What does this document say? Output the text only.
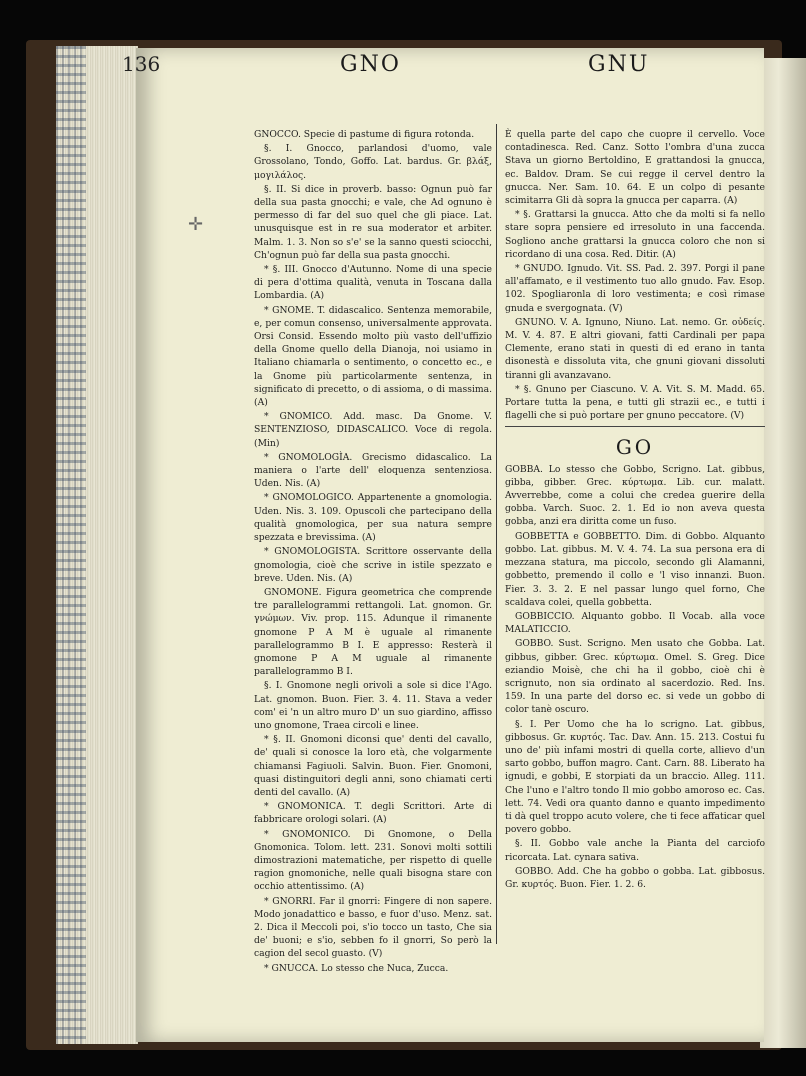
136	GNO	GNU
✛

GNOCCO. Specie di pastume di figura rotonda.

§. I. Gnocco, parlandosi d'uomo, vale Grossolano, Tondo, Goffo. Lat. bardus. Gr. βλάξ, μογιλάλος.

§. II. Si dice in proverb. basso: Ognun può far della sua pasta gnocchi; e vale, che Ad ognuno è permesso di far del suo quel che gli piace. Lat. unusquisque est in re sua moderator et arbiter. Malm. 1. 3. Non so s'e' se la sanno questi sciocchi, Ch'ognun può far della sua pasta gnocchi.

* §. III. Gnocco d'Autunno. Nome di una specie di pera d'ottima qualità, venuta in Toscana dalla Lombardia. (A)

* GNOME. T. didascalico. Sentenza memorabile, e, per comun consenso, universalmente approvata. Orsi Consid. Essendo molto più vasto dell'uffizio della Gnome quello della Dianoja, noi usiamo in Italiano chiamarla o sentimento, o concetto ec., e la Gnome più particolarmente sentenza, in significato di precetto, o di assioma, o di massima. (A)

* GNOMICO. Add. masc. Da Gnome. V. SENTENZIOSO, DIDASCALICO. Voce di regola. (Min)

* GNOMOLOGÌA. Grecismo didascalico. La maniera o l'arte dell' eloquenza sentenziosa. Uden. Nis. (A)

* GNOMOLOGICO. Appartenente a gnomologia. Uden. Nis. 3. 109. Opuscoli che partecipano della qualità gnomologica, per sua natura sempre spezzata e brevissima. (A)

* GNOMOLOGISTA. Scrittore osservante della gnomologia, cioè che scrive in istile spezzato e breve. Uden. Nis. (A)

GNOMONE. Figura geometrica che comprende tre parallelogrammi rettangoli. Lat. gnomon. Gr. γνώμων. Viv. prop. 115. Adunque il rimanente gnomone P A M è uguale al rimanente parallelogrammo B I. E appresso: Resterà il gnomone P A M uguale al rimanente parallelogrammo B I.

§. I. Gnomone negli orivoli a sole si dice l'Ago. Lat. gnomon. Buon. Fier. 3. 4. 11. Stava a veder com' ei 'n un altro muro D' un suo giardino, affisso uno gnomone, Traea circoli e linee.

* §. II. Gnomoni diconsi que' denti del cavallo, de' quali si conosce la loro età, che volgarmente chiamansi Fagiuoli. Salvin. Buon. Fier. Gnomoni, quasi distinguitori degli anni, sono chiamati certi denti del cavallo. (A)

* GNOMONICA. T. degli Scrittori. Arte di fabbricare orologi solari. (A)

* GNOMONICO. Di Gnomone, o Della Gnomonica. Tolom. lett. 231. Sonovi molti sottili dimostrazioni matematiche, per rispetto di quelle ragion gnomoniche, nelle quali bisogna stare con occhio attentissimo. (A)

* GNORRI. Far il gnorri: Fingere di non sapere. Modo jonadattico e basso, e fuor d'uso. Menz. sat. 2. Dica il Meccoli poi, s'io tocco un tasto, Che sia de' buoni; e s'io, sebben fo il gnorri, So però la cagion del secol guasto. (V)

* GNUCCA. Lo stesso che Nuca, Zucca.

È quella parte del capo che cuopre il cervello. Voce contadinesca. Red. Canz. Sotto l'ombra d'una zucca Stava un giorno Bertoldino, E grattandosi la gnucca, ec. Baldov. Dram. Se cui regge il cervel dentro la gnucca. Ner. Sam. 10. 64. E un colpo di pesante scimitarra Gli dà sopra la gnucca per caparra. (A)

* §. Grattarsi la gnucca. Atto che da molti si fa nello stare sopra pensiere ed irresoluto in una faccenda. Sogliono anche grattarsi la gnucca coloro che non si ricordano di una cosa. Red. Ditir. (A)

* GNUDO. Ignudo. Vit. SS. Pad. 2. 397. Porgi il pane all'affamato, e il vestimento tuo allo gnudo. Fav. Esop. 102. Spogliaronla di loro vestimenta; e così rimase gnuda e svergognata. (V)

GNUNO. V. A. Ignuno, Niuno. Lat. nemo. Gr. οὐδείς. M. V. 4. 87. E altri giovani, fatti Cardinali per papa Clemente, erano stati in questi di ed erano in tanta disonestà e dissoluta vita, che gnuni giovani dissoluti tiranni gli avanzavano.

* §. Gnuno per Ciascuno. V. A. Vit. S. M. Madd. 65. Portare tutta la pena, e tutti gli strazii ec., e tutti i flagelli che si può portare per gnuno peccatore. (V)

GO

GOBBA. Lo stesso che Gobbo, Scrigno. Lat. gibbus, gibba, gibber. Grec. κύρτωμα. Lib. cur. malatt. Avverrebbe, come a colui che credea guerire della gobba. Varch. Suoc. 2. 1. Ed io non aveva questa gobba, anzi era diritta come un fuso.

GOBBETTA e GOBBETTO. Dim. di Gobbo. Alquanto gobbo. Lat. gibbus. M. V. 4. 74. La sua persona era di mezzana statura, ma piccolo, secondo gli Alamanni, gobbetto, premendo il collo e 'l viso innanzi. Buon. Fier. 3. 3. 2. E nel passar lungo quel forno, Che scaldava colei, quella gobbetta.

GOBBICCIO. Alquanto gobbo. Il Vocab. alla voce MALATICCIO.

GOBBO. Sust. Scrigno. Men usato che Gobba. Lat. gibbus, gibber. Grec. κύρτωμα. Omel. S. Greg. Dice eziandio Moisè, che chi ha il gobbo, cioè chi è scrignuto, non sia ordinato al sacerdozio. Red. Ins. 159. In una parte del dorso ec. si vede un gobbo di color tanè oscuro.

§. I. Per Uomo che ha lo scrigno. Lat. gibbus, gibbosus. Gr. κυρτός. Tac. Dav. Ann. 15. 213. Costui fu uno de' più infami mostri di quella corte, allievo d'un sarto gobbo, buffon magro. Cant. Carn. 88. Liberato ha ignudi, e gobbi, E storpiati da un braccio. Alleg. 111. Che l'uno e l'altro tondo Il mio gobbo amoroso ec. Cas. lett. 74. Vedi ora quanto danno e quanto impedimento ti dà quel troppo acuto volere, che ti fece affaticar quel povero gobbo.

§. II. Gobbo vale anche la Pianta del carciofo ricorcata. Lat. cynara sativa.

GOBBO. Add. Che ha gobbo o gobba. Lat. gibbosus. Gr. κυρτός. Buon. Fier. 1. 2. 6.
